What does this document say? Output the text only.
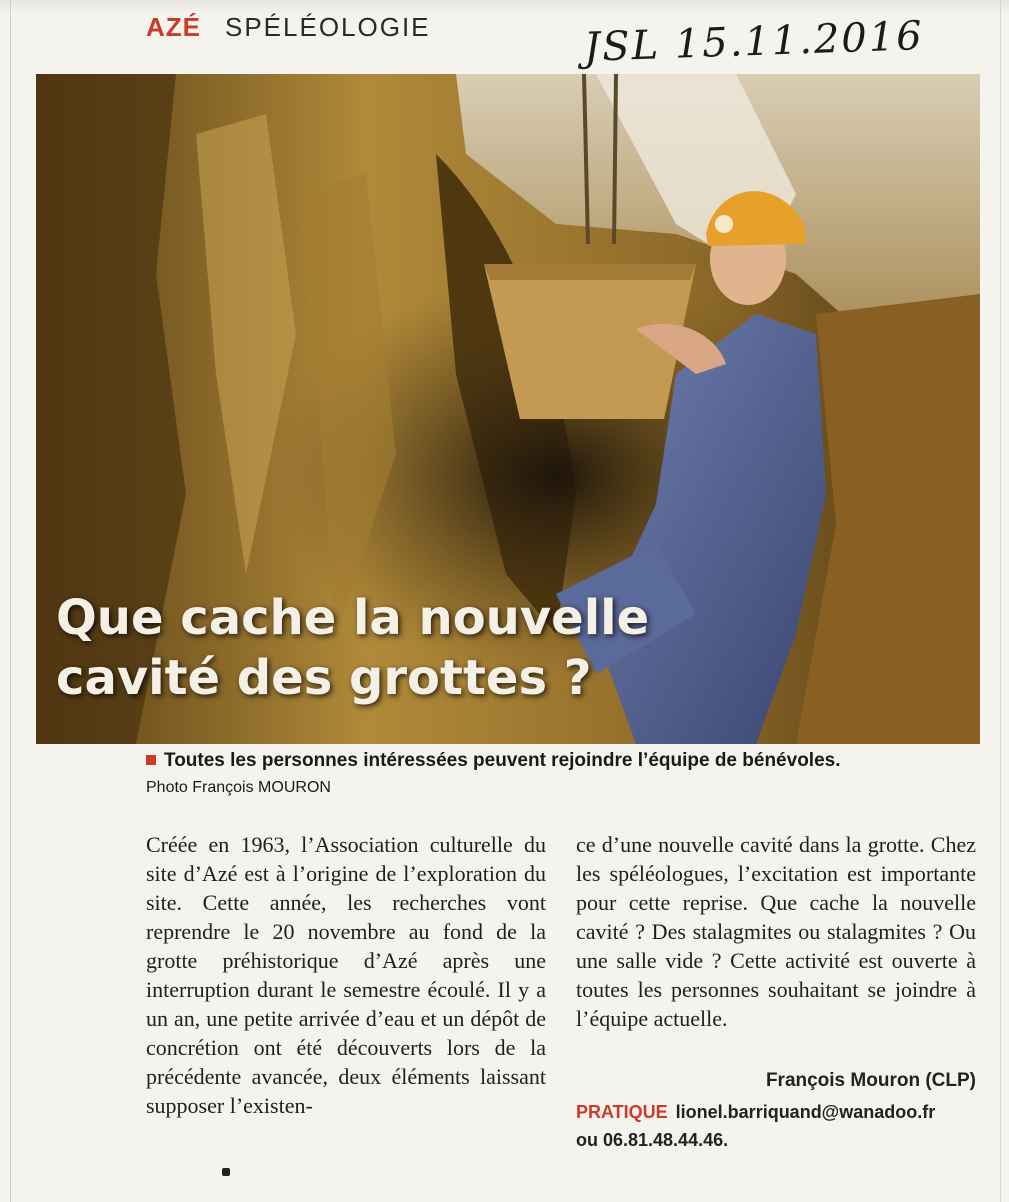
AZÉ SPÉLÉOLOGIE	JSL 15.11.2016
Que cache la nouvelle
cavité des grottes ?
Toutes les personnes intéressées peuvent rejoindre l’équipe de bénévoles. Photo François MOURON

Créée en 1963, l’Association culturelle du site d’Azé est à l’origine de l’exploration du site. Cette année, les recherches vont reprendre le 20 novembre au fond de la grotte préhistorique d’Azé après une interruption durant le semestre écoulé. Il y a un an, une petite arrivée d’eau et un dépôt de concrétion ont été découverts lors de la précédente avancée, deux éléments laissant supposer l’existen-

ce d’une nouvelle cavité dans la grotte. Chez les spéléologues, l’excitation est importante pour cette reprise. Que cache la nouvelle cavité ? Des stalagmites ou stalagmites ? Ou une salle vide ? Cette activité est ouverte à toutes les personnes souhaitant se joindre à l’équipe actuelle.

François Mouron (CLP)
PRATIQUE lionel.barriquand@wanadoo.fr
ou 06.81.48.44.46.
